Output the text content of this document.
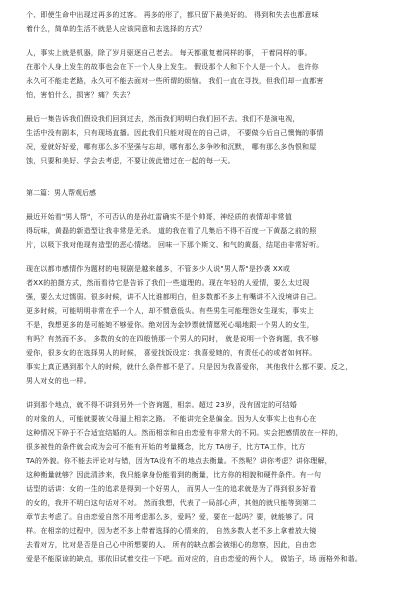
个、即使生命中出现过再多的过客。 再多的形了，都只留下最美好的。 得到和失去也都意味
着什么，简单的生活不就是人应该同意和去选择的方式？
人，事实上就是机器，除了岁月驱逐自己老去。 每天都重复着同样的事， 干着同样的事。
在那个人身上发生的故事也会在下一个人身上发生。 假设那个人和下个人是一个人。 也许你
永久可不能走老路，永久可不能去面对一些所谓的烦恼。 我们一直在寻找，但我们却一直都害
怕，害怕什么，损害？痛？失去？
最后一集告诉我们假设我们回到过去，然而我们明明白我们回不去。我们不是演电视，
生活中没有剧本，只有现场直播。因此我们只能对现在的自己讲， 不要做今后自己懊悔的事情
况，爱就好好爱，哪有那么多不坚强与忘却，哪有那么多争吵和沉默， 哪有那么多伪恨和屋
蚀，只要和美好、学会去考虑，不要让彼此错过在一起的每一天。
第二篇：男人帮观后感
最近开始看"男人帮"，不可否认的是孙红雷确实不是个帅哥，神经质的表情却非常值
得玩味，黄磊的新造型让我非常是无杀。 道的我在看了几集后不得不百度一下黄磊之前的照
片，以吸下我对他现有造型的恶心情绪。 回味一下那个斯文、和气的黄磊，结尾由非常好听。
现在以都市感情作为题材的电视剧是越来越多，不管多少人说"男人帮"是抄袭 XX或
者XX的拍摄方式，然而看待它是告诉了我们一些道理的。现在年轻的人爱情，要么太过现
强，要么太过懦弱。很多时候，讲不人比谁都明白，但多数都不多上有嘴讲不入没境讲自己。
更多时候，可能明明非常在乎一个人，却不惯意低头。有些男生可能理怨女生现实，事实上
不是，我想更多的是可能她不够爱你。绝对因为金钞票就情愿死心塌地跟一个男人的女生，
有吗？有然而不多。 多数的女的在四般悄那一个男人的同时， 就是说明一个咨询题，我不够
爱你，很多女的在选择男人的时候， 喜爱找饭设定：我喜爱她的，有责任心的或者如何样。
事实上真正遇到那个人的时候，就什么条件都不是了。只是因为我喜爱你， 其他我什么都不要。反之，
男人对女的也一样。
讲到那个地点，就不得不讲到另外一个咨询题，相亲。超过 23岁，没有固定的可结婚
的对象的人，可能就要被父母逼上相亲之路。 不能讲完全是偏金。因为人女事实上也有心在
这种情况下碎于不合适宜结婚的人。然而相亲和自由恋爱有非常大的不同。实会把感情放在一样的，
很多被性的条件就会成为会可不能有开始的考量概念，比方 TA房子，比方TA工作，比方
TA的外貌。你不能去评论对与错，因为TA没有不的地点去衡量。不然呢？讲你考虑？讲你理解，
这种衡量就够？因此清涉来，我只能拿身份能看到的衡量，比方你的相貌和硬件条件。有一句
话型的话讲：女的一生的追求是得到一个好男人， 而男人一生的追求就是为了得到很多好看
的女的，我并不明白这句话对不对。 然而我想，代表了一局部心声，其他的就只能等到第二
章节去考虑了。自由恋爱自然不用考虑那么多，爱吗？爱，要在一起吗？要，就能够了。同
样。在相亲的过程中，因为老不多上带着选择的心情来的， 自然多数人老不多上拿着放大镜
去看对方，比对是否是自己心中所想要的人。 所有的缺点都会被细心的您察，因此，自由恋
爱是不能原谅的缺点，那依旧试着交往一下吧。而对应的，自由恋爱的两个人， 做馅子，场 面格外和谐。
